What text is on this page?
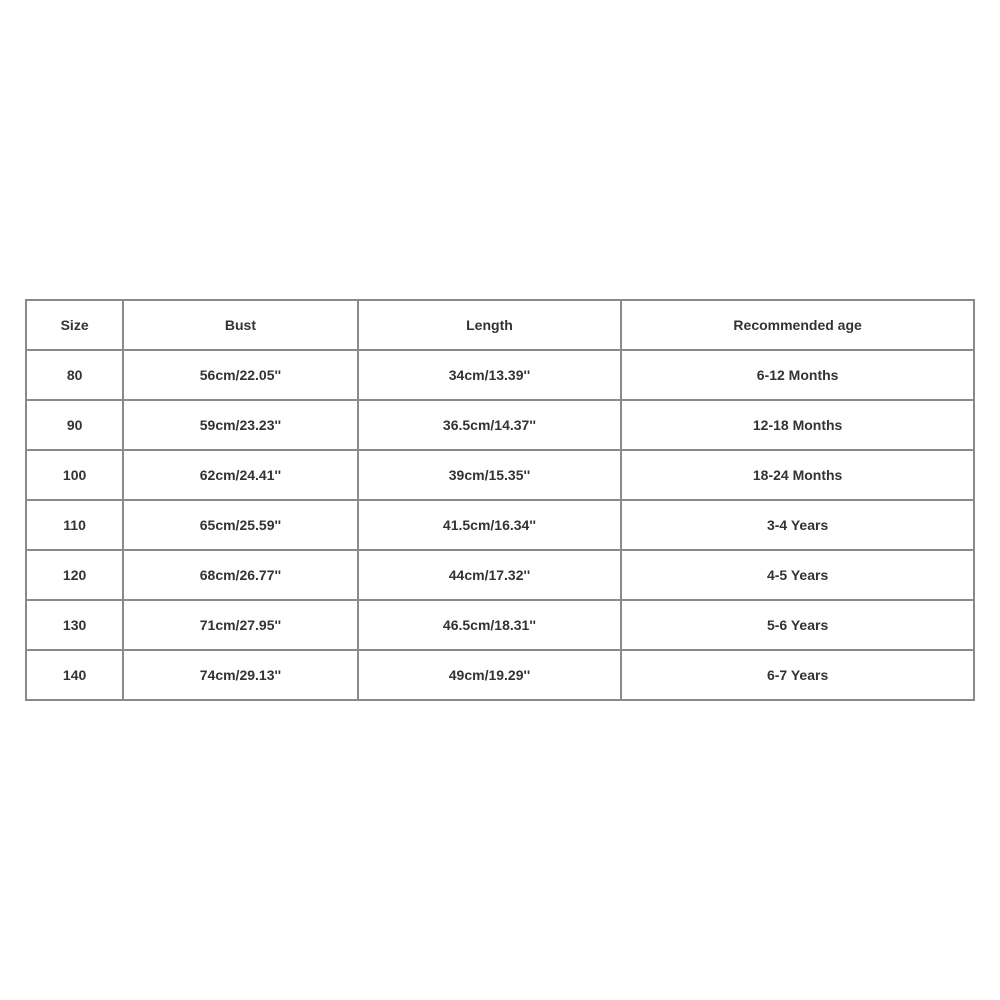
Size	Bust	Length	Recommended age
80	56cm/22.05''	34cm/13.39''	6-12 Months
90	59cm/23.23''	36.5cm/14.37''	12-18 Months
100	62cm/24.41''	39cm/15.35''	18-24 Months
110	65cm/25.59''	41.5cm/16.34''	3-4 Years
120	68cm/26.77''	44cm/17.32''	4-5 Years
130	71cm/27.95''	46.5cm/18.31''	5-6 Years
140	74cm/29.13''	49cm/19.29''	6-7 Years
